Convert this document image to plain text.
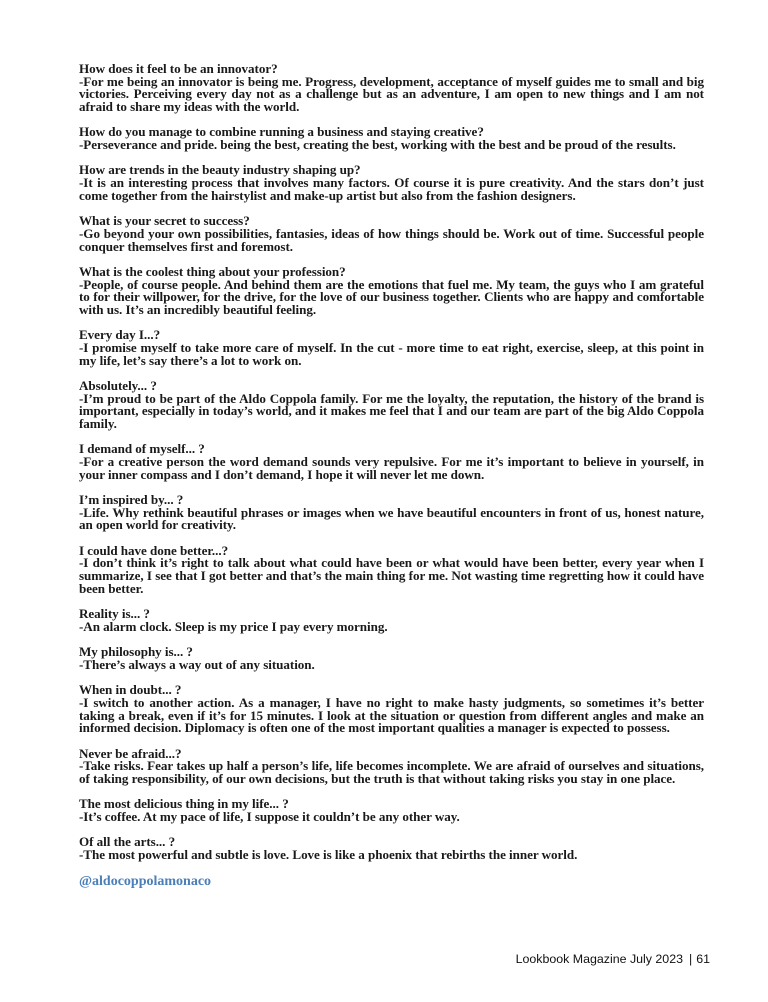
How does it feel to be an innovator?
-For me being an innovator is being me. Progress, development, acceptance of myself guides me to small and big victories. Perceiving every day not as a challenge but as an adventure, I am open to new things and I am not afraid to share my ideas with the world.
How do you manage to combine running a business and staying creative?
-Perseverance and pride. being the best, creating the best, working with the best and be proud of the results.
How are trends in the beauty industry shaping up?
-It is an interesting process that involves many factors. Of course it is pure creativity. And the stars don’t just come together from the hairstylist and make-up artist but also from the fashion designers.
What is your secret to success?
-Go beyond your own possibilities, fantasies, ideas of how things should be. Work out of time. Successful people conquer themselves first and foremost.
What is the coolest thing about your profession?
-People, of course people. And behind them are the emotions that fuel me. My team, the guys who I am grateful to for their willpower, for the drive, for the love of our business together. Clients who are happy and comfortable with us. It’s an incredibly beautiful feeling.
Every day I...?
-I promise myself to take more care of myself. In the cut - more time to eat right, exercise, sleep, at this point in my life, let’s say there’s a lot to work on.
Absolutely... ?
-I’m proud to be part of the Aldo Coppola family. For me the loyalty, the reputation, the history of the brand is important, especially in today’s world, and it makes me feel that I and our team are part of the big Aldo Coppola family.
I demand of myself... ?
-For a creative person the word demand sounds very repulsive. For me it’s important to believe in yourself, in your inner compass and I don’t demand, I hope it will never let me down.
I’m inspired by... ?
-Life. Why rethink beautiful phrases or images when we have beautiful encounters in front of us, honest nature, an open world for creativity.
I could have done better...?
-I don’t think it’s right to talk about what could have been or what would have been better, every year when I summarize, I see that I got better and that’s the main thing for me. Not wasting time regretting how it could have been better.
Reality is... ?
-An alarm clock. Sleep is my price I pay every morning.
My philosophy is... ?
-There’s always a way out of any situation.
When in doubt... ?
-I switch to another action. As a manager, I have no right to make hasty judgments, so sometimes it’s better taking a break, even if it’s for 15 minutes. I look at the situation or question from different angles and make an informed decision. Diplomacy is often one of the most important qualities a manager is expected to possess.
Never be afraid...?
-Take risks. Fear takes up half a person’s life, life becomes incomplete. We are afraid of ourselves and situations, of taking responsibility, of our own decisions, but the truth is that without taking risks you stay in one place.
The most delicious thing in my life... ?
-It’s coffee. At my pace of life, I suppose it couldn’t be any other way.
Of all the arts... ?
-The most powerful and subtle is love. Love is like a phoenix that rebirths the inner world.
@aldocoppolamonaco
Lookbook Magazine July 2023 | 61
